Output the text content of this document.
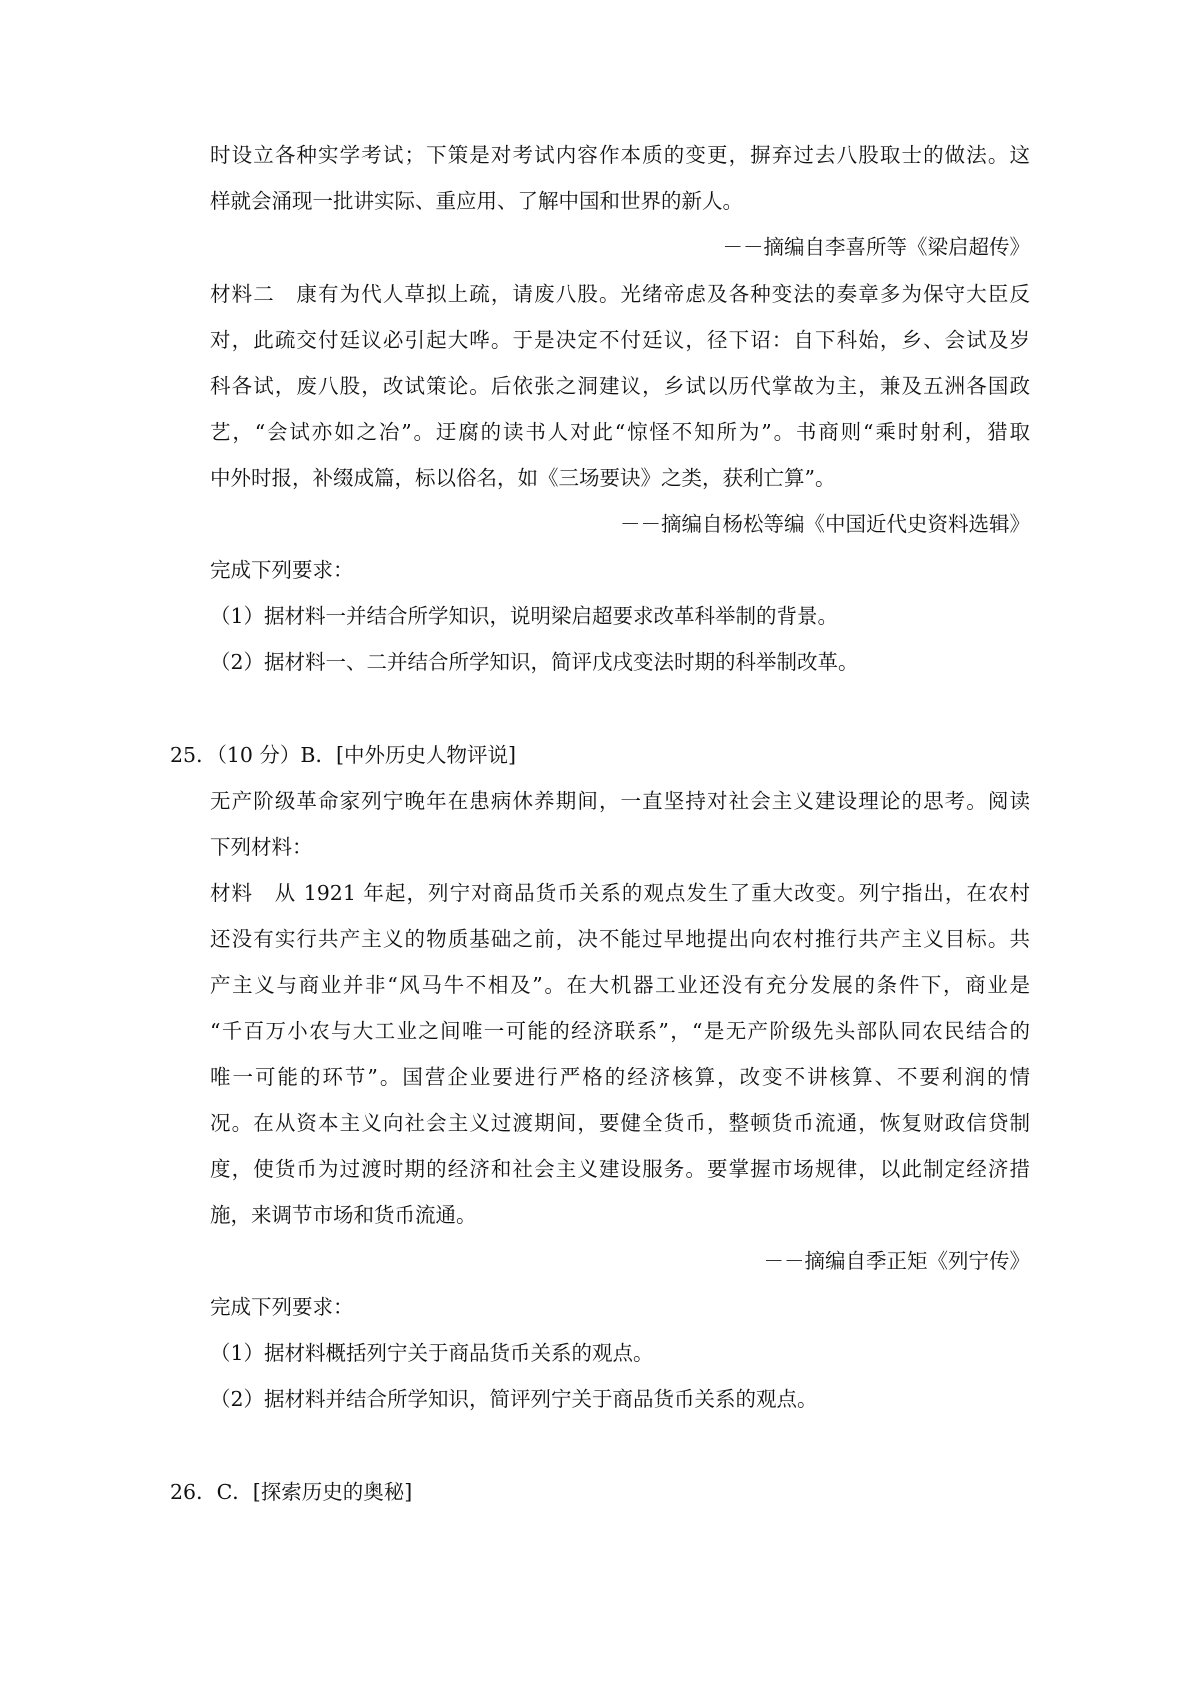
时设立各种实学考试；下策是对考试内容作本质的变更，摒弃过去八股取士的做法。这
样就会涌现一批讲实际、重应用、了解中国和世界的新人。
－－摘编自李喜所等《梁启超传》
材料二　康有为代人草拟上疏，请废八股。光绪帝虑及各种变法的奏章多为保守大臣反
对，此疏交付廷议必引起大哗。于是决定不付廷议，径下诏：自下科始，乡、会试及岁
科各试，废八股，改试策论。后依张之洞建议，乡试以历代掌故为主，兼及五洲各国政
艺，“会试亦如之冶”。迂腐的读书人对此“惊怪不知所为”。书商则“乘时射利，猎取
中外时报，补缀成篇，标以俗名，如《三场要诀》之类，获利亡算”。
－－摘编自杨松等编《中国近代史资料选辑》
完成下列要求：
（1）据材料一并结合所学知识，说明梁启超要求改革科举制的背景。
（2）据材料一、二并结合所学知识，简评戊戌变法时期的科举制改革。
25．（10 分）B．[中外历史人物评说]
无产阶级革命家列宁晚年在患病休养期间，一直坚持对社会主义建设理论的思考。阅读
下列材料：
材料　从 1921 年起，列宁对商品货币关系的观点发生了重大改变。列宁指出，在农村
还没有实行共产主义的物质基础之前，决不能过早地提出向农村推行共产主义目标。共
产主义与商业并非“风马牛不相及”。在大机器工业还没有充分发展的条件下，商业是
“千百万小农与大工业之间唯一可能的经济联系”，“是无产阶级先头部队同农民结合的
唯一可能的环节”。国营企业要进行严格的经济核算，改变不讲核算、不要利润的情
况。在从资本主义向社会主义过渡期间，要健全货币，整顿货币流通，恢复财政信贷制
度，使货币为过渡时期的经济和社会主义建设服务。要掌握市场规律，以此制定经济措
施，来调节市场和货币流通。
－－摘编自季正矩《列宁传》
完成下列要求：
（1）据材料概括列宁关于商品货币关系的观点。
（2）据材料并结合所学知识，简评列宁关于商品货币关系的观点。
26．C．[探索历史的奥秘]
